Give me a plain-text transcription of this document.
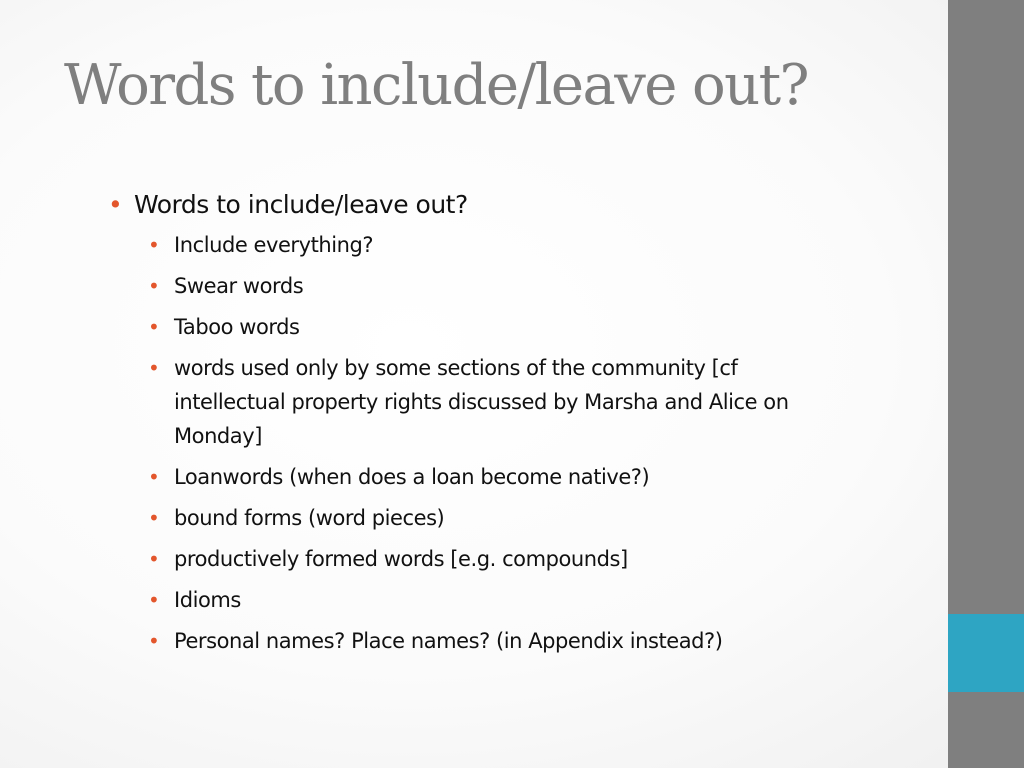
Words to include/leave out?
• Words to include/leave out?
• Include everything?
• Swear words
• Taboo words
• words used only by some sections of the community [cf
intellectual property rights discussed by Marsha and Alice on
Monday]
• Loanwords (when does a loan become native?)
• bound forms (word pieces)
• productively formed words [e.g. compounds]
• Idioms
• Personal names? Place names? (in Appendix instead?)
